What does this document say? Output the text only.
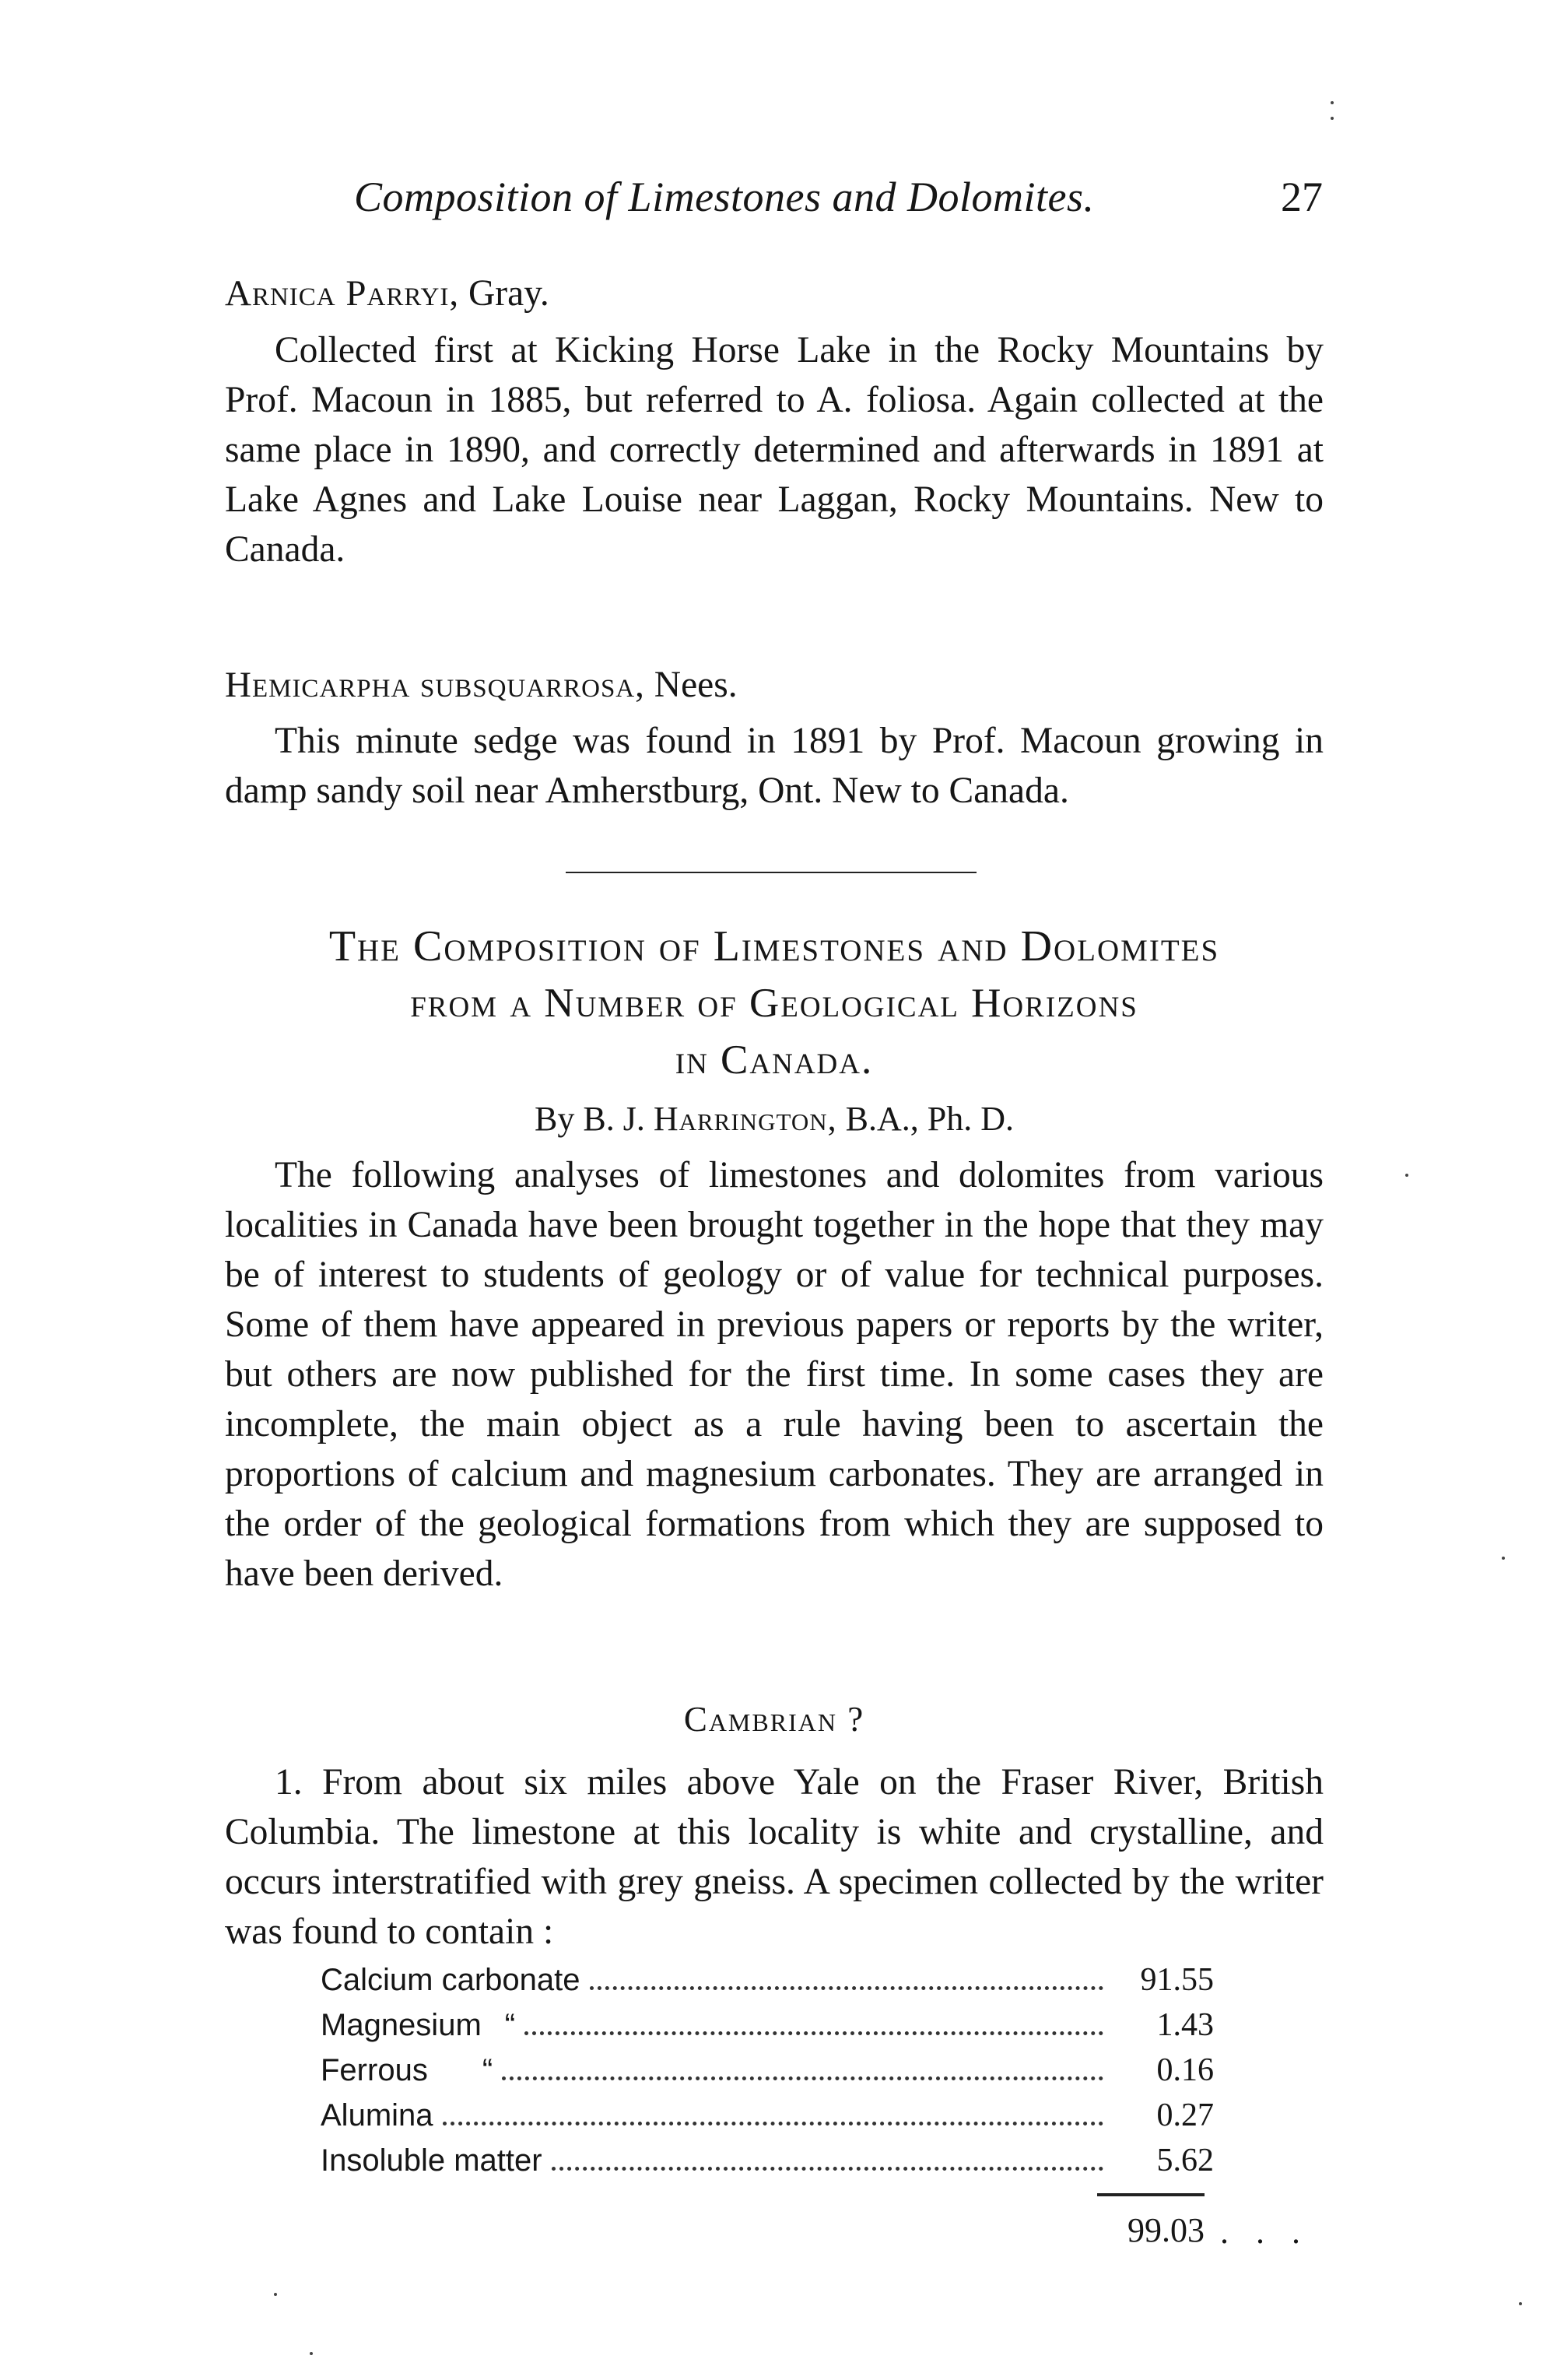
Composition of Limestones and Dolomites.	27
Arnica Parryi, Gray.
Collected first at Kicking Horse Lake in the Rocky Mountains by Prof. Macoun in 1885, but referred to A. foliosa. Again collected at the same place in 1890, and correctly determined and afterwards in 1891 at Lake Agnes and Lake Louise near Laggan, Rocky Mountains. New to Canada.
Hemicarpha subsquarrosa, Nees.
This minute sedge was found in 1891 by Prof. Macoun growing in damp sandy soil near Amherstburg, Ont. New to Canada.
The Composition of Limestones and Dolomites
from a Number of Geological Horizons
in Canada.
By B. J. Harrington, B.A., Ph. D.
The following analyses of limestones and dolomites from various localities in Canada have been brought together in the hope that they may be of interest to students of geology or of value for technical purposes. Some of them have appeared in previous papers or reports by the writer, but others are now published for the first time. In some cases they are incomplete, the main object as a rule having been to ascertain the proportions of calcium and magnesium carbonates. They are arranged in the order of the geological formations from which they are supposed to have been derived.
Cambrian ?
1. From about six miles above Yale on the Fraser River, British Columbia. The limestone at this locality is white and crystalline, and occurs interstratified with grey gneiss. A specimen collected by the writer was found to contain :
Calcium carbonate	91.55
Magnesium “	1.43
Ferrous “	0.16
Alumina	0.27
Insoluble matter	5.62
99.03 . . .
